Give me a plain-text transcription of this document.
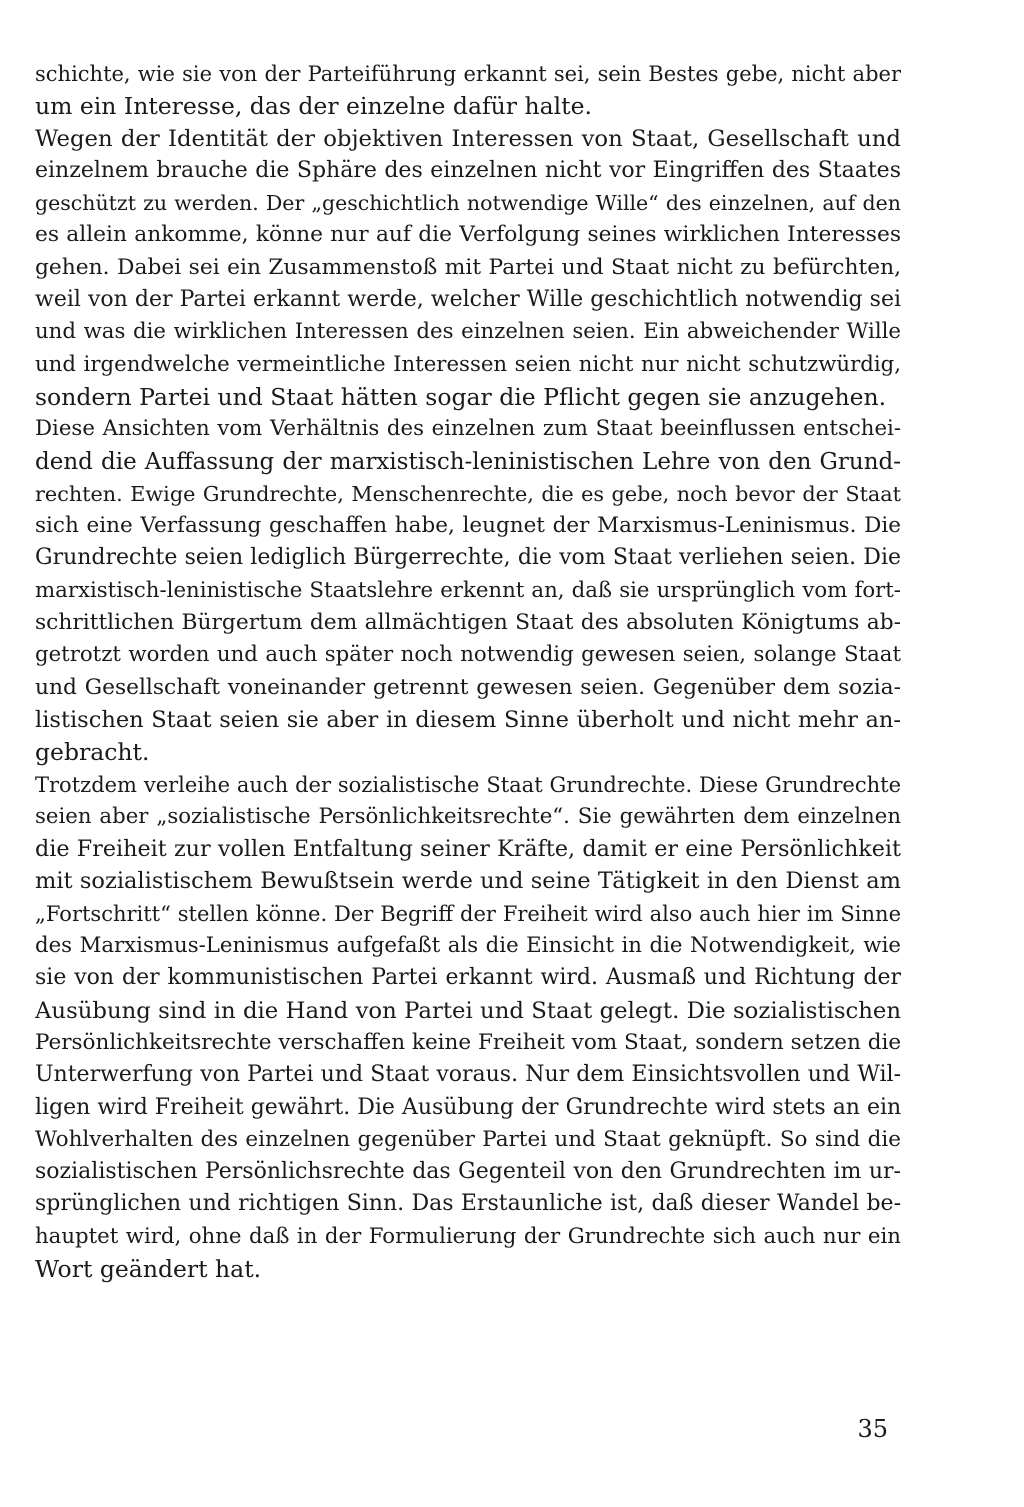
schichte, wie sie von der Parteiführung erkannt sei, sein Bestes gebe, nicht aber
um ein Interesse, das der einzelne dafür halte.
Wegen der Identität der objektiven Interessen von Staat, Gesellschaft und
einzelnem brauche die Sphäre des einzelnen nicht vor Eingriffen des Staates
geschützt zu werden. Der „geschichtlich notwendige Wille“ des einzelnen, auf den
es allein ankomme, könne nur auf die Verfolgung seines wirklichen Interesses
gehen. Dabei sei ein Zusammenstoß mit Partei und Staat nicht zu befürchten,
weil von der Partei erkannt werde, welcher Wille geschichtlich notwendig sei
und was die wirklichen Interessen des einzelnen seien. Ein abweichender Wille
und irgendwelche vermeintliche Interessen seien nicht nur nicht schutzwürdig,
sondern Partei und Staat hätten sogar die Pflicht gegen sie anzugehen.
Diese Ansichten vom Verhältnis des einzelnen zum Staat beeinflussen entschei-
dend die Auffassung der marxistisch-leninistischen Lehre von den Grund-
rechten. Ewige Grundrechte, Menschenrechte, die es gebe, noch bevor der Staat
sich eine Verfassung geschaffen habe, leugnet der Marxismus-Leninismus. Die
Grundrechte seien lediglich Bürgerrechte, die vom Staat verliehen seien. Die
marxistisch-leninistische Staatslehre erkennt an, daß sie ursprünglich vom fort-
schrittlichen Bürgertum dem allmächtigen Staat des absoluten Königtums ab-
getrotzt worden und auch später noch notwendig gewesen seien, solange Staat
und Gesellschaft voneinander getrennt gewesen seien. Gegenüber dem sozia-
listischen Staat seien sie aber in diesem Sinne überholt und nicht mehr an-
gebracht.
Trotzdem verleihe auch der sozialistische Staat Grundrechte. Diese Grundrechte
seien aber „sozialistische Persönlichkeitsrechte“. Sie gewährten dem einzelnen
die Freiheit zur vollen Entfaltung seiner Kräfte, damit er eine Persönlichkeit
mit sozialistischem Bewußtsein werde und seine Tätigkeit in den Dienst am
„Fortschritt“ stellen könne. Der Begriff der Freiheit wird also auch hier im Sinne
des Marxismus-Leninismus aufgefaßt als die Einsicht in die Notwendigkeit, wie
sie von der kommunistischen Partei erkannt wird. Ausmaß und Richtung der
Ausübung sind in die Hand von Partei und Staat gelegt. Die sozialistischen
Persönlichkeitsrechte verschaffen keine Freiheit vom Staat, sondern setzen die
Unterwerfung von Partei und Staat voraus. Nur dem Einsichtsvollen und Wil-
ligen wird Freiheit gewährt. Die Ausübung der Grundrechte wird stets an ein
Wohlverhalten des einzelnen gegenüber Partei und Staat geknüpft. So sind die
sozialistischen Persönlichsrechte das Gegenteil von den Grundrechten im ur-
sprünglichen und richtigen Sinn. Das Erstaunliche ist, daß dieser Wandel be-
hauptet wird, ohne daß in der Formulierung der Grundrechte sich auch nur ein
Wort geändert hat.
35
